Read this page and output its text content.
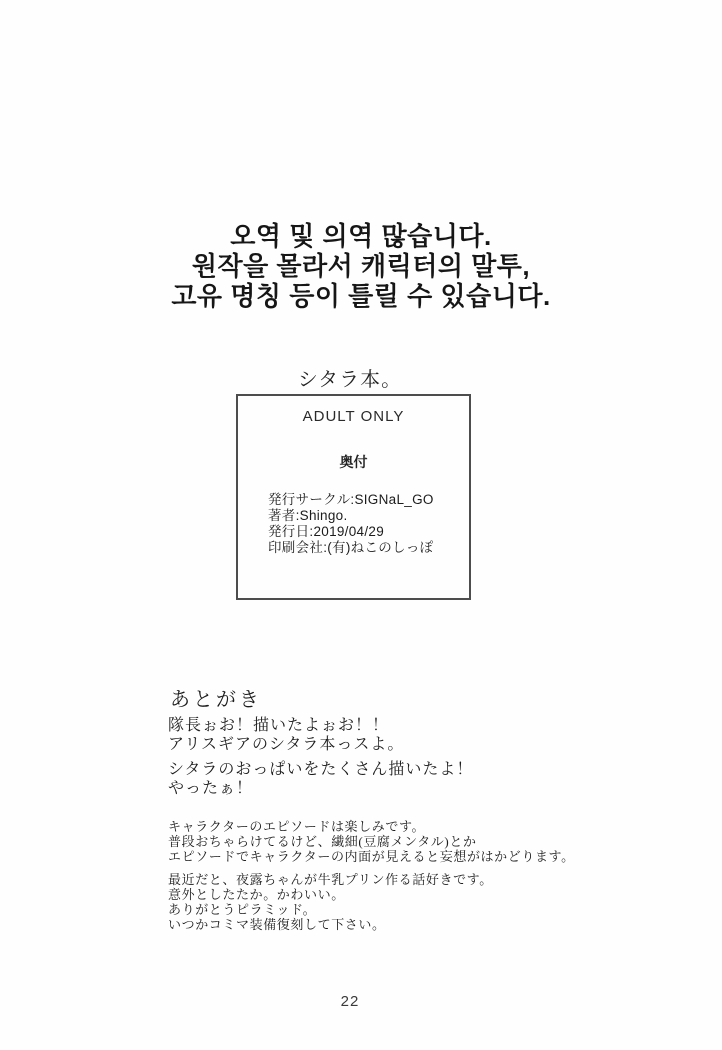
오역 및 의역 많습니다.
원작을 몰라서 캐릭터의 말투,
고유 명칭 등이 틀릴 수 있습니다.
シタラ本。
ADULT ONLY
奥付
発行サークル:SIGNaL_GO
著者:Shingo.
発行日:2019/04/29
印刷会社:(有)ねこのしっぽ
あとがき
隊長ぉお！描いたよぉお！！
アリスギアのシタラ本っスよ。
シタラのおっぱいをたくさん描いたよ！
やったぁ！
キャラクターのエピソードは楽しみです。
普段おちゃらけてるけど、繊細(豆腐メンタル)とか
エピソードでキャラクターの内面が見えると妄想がはかどります。
最近だと、夜露ちゃんが牛乳プリン作る話好きです。
意外としたたか。かわいい。
ありがとうピラミッド。
いつかコミマ装備復刻して下さい。
22
